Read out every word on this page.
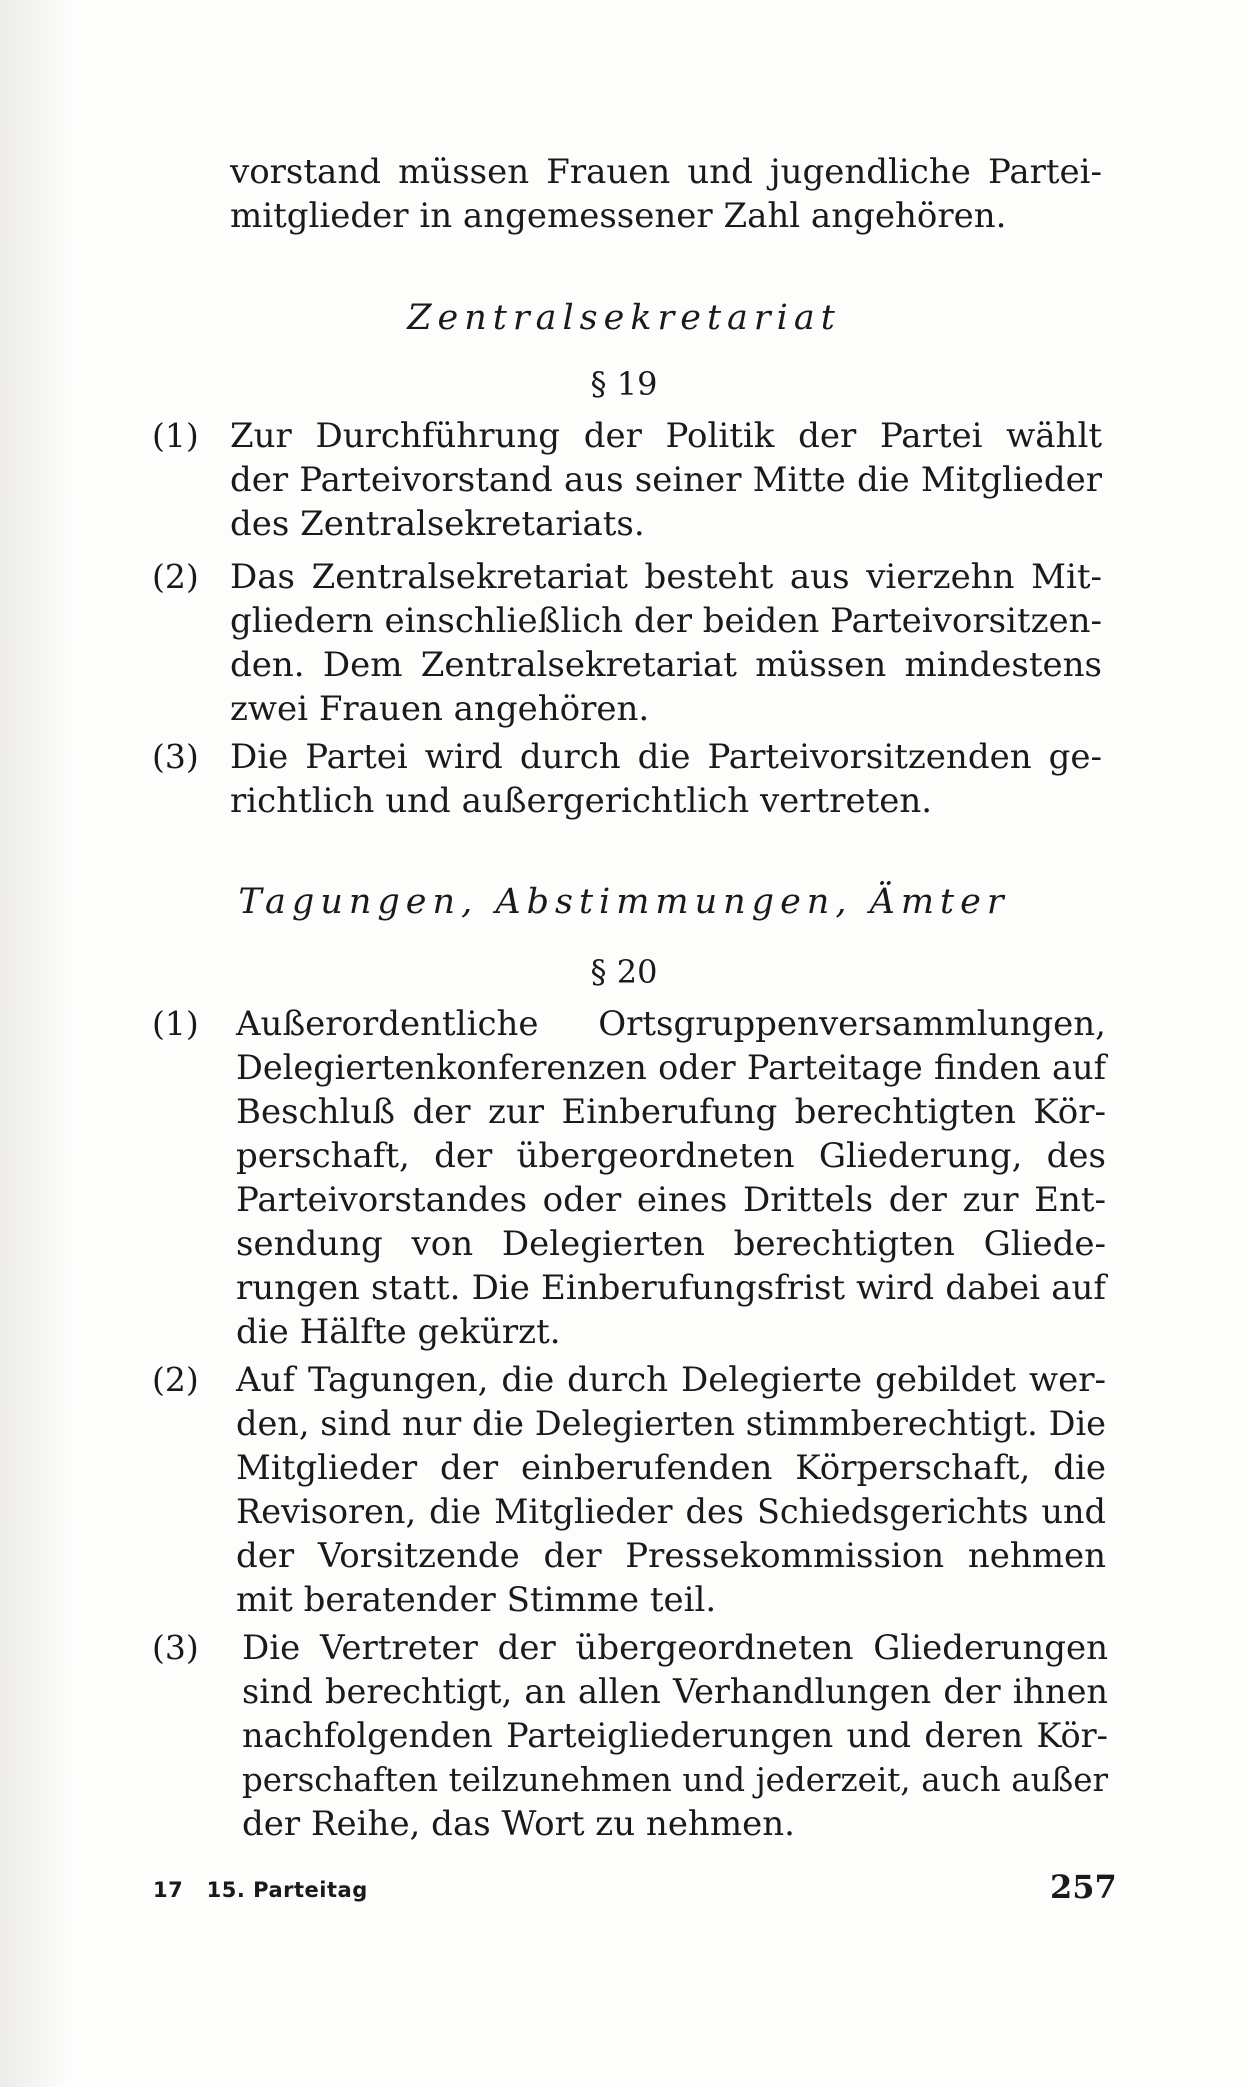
vorstand müssen Frauen und jugendliche Partei-
mitglieder in angemessener Zahl angehören.
Zentralsekretariat
§ 19
(1) Zur Durchführung der Politik der Partei wählt
der Parteivorstand aus seiner Mitte die Mitglieder
des Zentralsekretariats.
(2) Das Zentralsekretariat besteht aus vierzehn Mit-
gliedern einschließlich der beiden Parteivorsitzen-
den. Dem Zentralsekretariat müssen mindestens
zwei Frauen angehören.
(3) Die Partei wird durch die Parteivorsitzenden ge-
richtlich und außergerichtlich vertreten.
Tagungen, Abstimmungen, Ämter
§ 20
(1) Außerordentliche Ortsgruppenversammlungen,
Delegiertenkonferenzen oder Parteitage finden auf
Beschluß der zur Einberufung berechtigten Kör-
perschaft, der übergeordneten Gliederung, des
Parteivorstandes oder eines Drittels der zur Ent-
sendung von Delegierten berechtigten Gliede-
rungen statt. Die Einberufungsfrist wird dabei auf
die Hälfte gekürzt.
(2) Auf Tagungen, die durch Delegierte gebildet wer-
den, sind nur die Delegierten stimmberechtigt. Die
Mitglieder der einberufenden Körperschaft, die
Revisoren, die Mitglieder des Schiedsgerichts und
der Vorsitzende der Pressekommission nehmen
mit beratender Stimme teil.
(3) Die Vertreter der übergeordneten Gliederungen
sind berechtigt, an allen Verhandlungen der ihnen
nachfolgenden Parteigliederungen und deren Kör-
perschaften teilzunehmen und jederzeit, auch außer
der Reihe, das Wort zu nehmen.
17   15. Parteitag	257
